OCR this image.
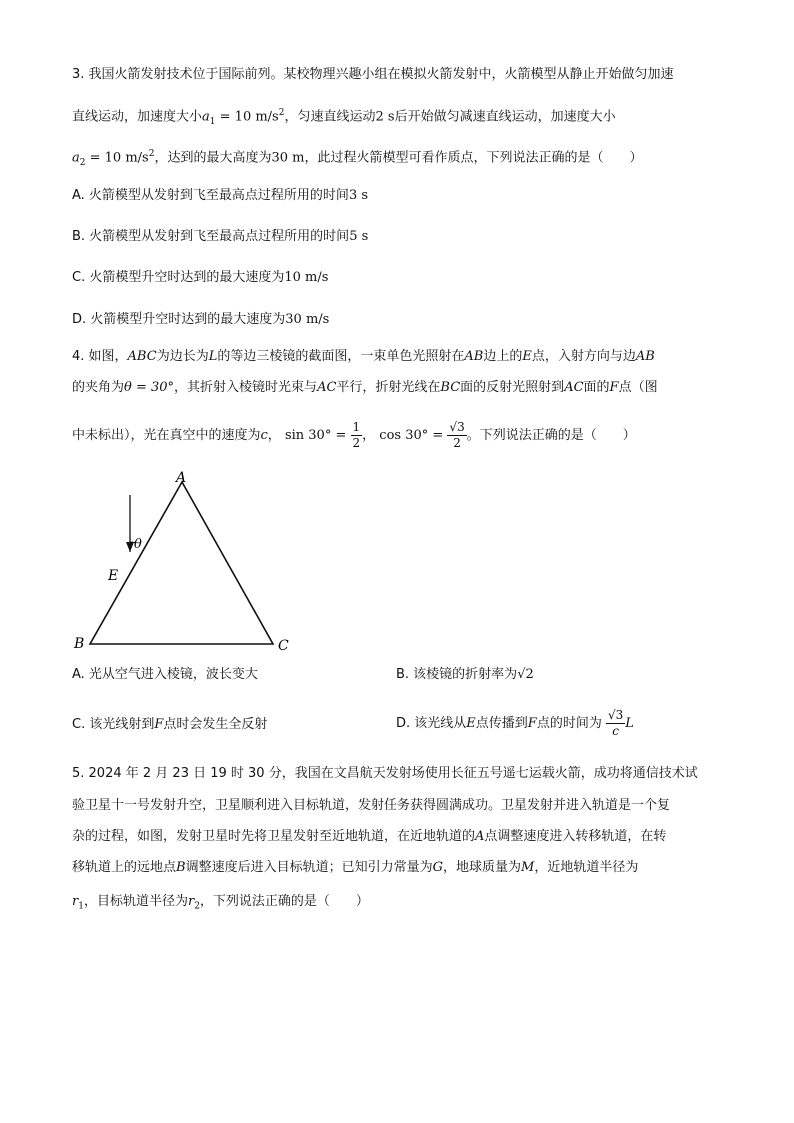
3. 我国火箭发射技术位于国际前列。某校物理兴趣小组在模拟火箭发射中，火箭模型从静止开始做匀加速
直线运动，加速度大小$a_1 = 10$ $m/s^2$，匀速直线运动2 s后开始做匀减速直线运动，加速度大小
$a_2 = 10$ $m/s^2$，达到的最大高度为30 m，此过程火箭模型可看作质点，下列说法正确的是（　　）
A. 火箭模型从发射到飞至最高点过程所用的时间3 s
B. 火箭模型从发射到飞至最高点过程所用的时间5 s
C. 火箭模型升空时达到的最大速度为10 m/s
D. 火箭模型升空时达到的最大速度为30 m/s
4. 如图，ABC为边长为L的等边三棱镜的截面图，一束单色光照射在AB边上的E点，入射方向与边AB
的夹角为θ = 30°，其折射入棱镜时光束与AC平行，折射光线在BC面的反射光照射到AC面的F点（图
中未标出），光在真空中的速度为c， $\sin 30^\circ = \frac{1}{2}$ ， $\cos 30^\circ = \frac{√3}{2}$ 。下列说法正确的是（　　）
A
B	C
E
θ
A. 光从空气进入棱镜，波长变大	B. 该棱镜的折射率为√2
C. 该光线射到F点时会发生全反射	D. 该光线从E点传播到F点的时间为 $\frac{√3}{c}$ L
5. 2024 年 2 月 23 日 19 时 30 分，我国在文昌航天发射场使用长征五号遥七运载火箭，成功将通信技术试
验卫星十一号发射升空，卫星顺利进入目标轨道，发射任务获得圆满成功。卫星发射并进入轨道是一个复
杂的过程，如图，发射卫星时先将卫星发射至近地轨道，在近地轨道的A点调整速度进入转移轨道，在转
移轨道上的远地点B调整速度后进入目标轨道；已知引力常量为G，地球质量为M，近地轨道半径为
$r_1$，目标轨道半径为$r_2$，下列说法正确的是（　　）
